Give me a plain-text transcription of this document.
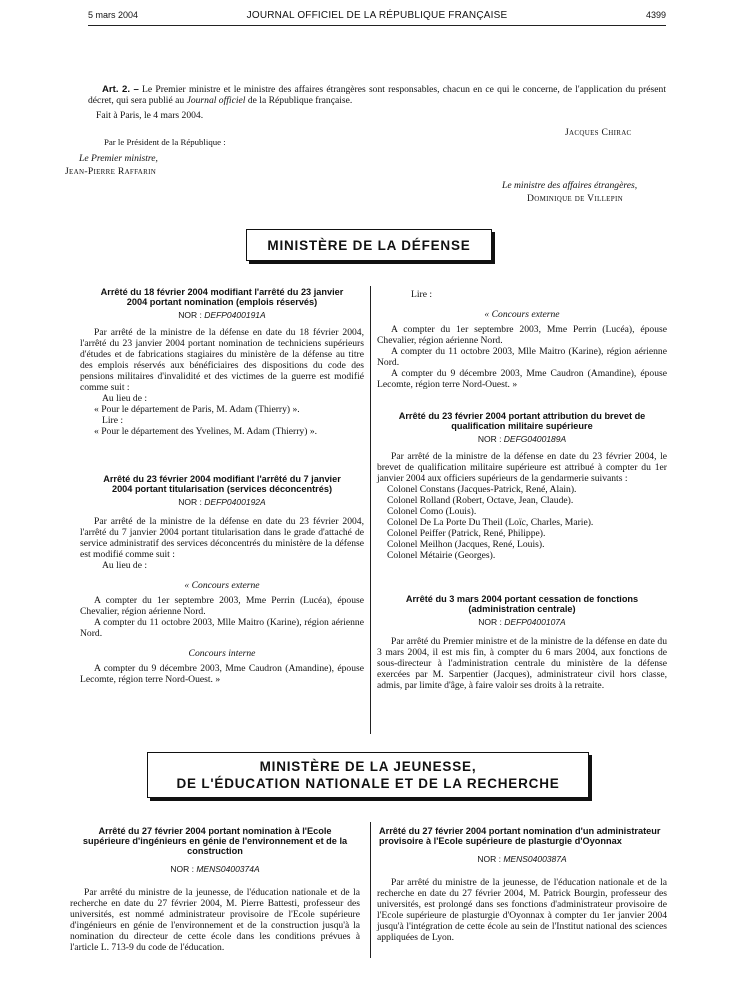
5 mars 2004	JOURNAL OFFICIEL DE LA RÉPUBLIQUE FRANÇAISE	4399

Art. 2. – Le Premier ministre et le ministre des affaires étrangères sont responsables, chacun en ce qui le concerne, de l'application du présent décret, qui sera publié au Journal officiel de la République française.

Fait à Paris, le 4 mars 2004.
Jacques Chirac
Par le Président de la République :
Le Premier ministre,
Jean-Pierre Raffarin
Le ministre des affaires étrangères,
Dominique de Villepin
MINISTÈRE DE LA DÉFENSE
Arrêté du 18 février 2004 modifiant l'arrêté du 23 janvier 2004 portant nomination (emplois réservés)
NOR : DEFP0400191A

Par arrêté de la ministre de la défense en date du 18 février 2004, l'arrêté du 23 janvier 2004 portant nomination de techniciens supérieurs d'études et de fabrications stagiaires du ministère de la défense au titre des emplois réservés aux bénéficiaires des dispositions du code des pensions militaires d'invalidité et des victimes de la guerre est modifié comme suit :

Au lieu de :

« Pour le département de Paris, M. Adam (Thierry) ».

Lire :

« Pour le département des Yvelines, M. Adam (Thierry) ».

Arrêté du 23 février 2004 modifiant l'arrêté du 7 janvier 2004 portant titularisation (services déconcentrés)
NOR : DEFP0400192A

Par arrêté de la ministre de la défense en date du 23 février 2004, l'arrêté du 7 janvier 2004 portant titularisation dans le grade d'attaché de service administratif des services déconcentrés du ministère de la défense est modifié comme suit :

Au lieu de :

« Concours externe

A compter du 1er septembre 2003, Mme Perrin (Lucéa), épouse Chevalier, région aérienne Nord.

A compter du 11 octobre 2003, Mlle Maitro (Karine), région aérienne Nord.

Concours interne

A compter du 9 décembre 2003, Mme Caudron (Amandine), épouse Lecomte, région terre Nord-Ouest. »

Lire :

« Concours externe

A compter du 1er septembre 2003, Mme Perrin (Lucéa), épouse Chevalier, région aérienne Nord.

A compter du 11 octobre 2003, Mlle Maitro (Karine), région aérienne Nord.

A compter du 9 décembre 2003, Mme Caudron (Amandine), épouse Lecomte, région terre Nord-Ouest. »

Arrêté du 23 février 2004 portant attribution du brevet de qualification militaire supérieure
NOR : DEFG0400189A

Par arrêté de la ministre de la défense en date du 23 février 2004, le brevet de qualification militaire supérieure est attribué à compter du 1er janvier 2004 aux officiers supérieurs de la gendarmerie suivants :

Colonel Constans (Jacques-Patrick, René, Alain).

Colonel Rolland (Robert, Octave, Jean, Claude).

Colonel Como (Louis).

Colonel De La Porte Du Theil (Loïc, Charles, Marie).

Colonel Peiffer (Patrick, René, Philippe).

Colonel Meilhon (Jacques, René, Louis).

Colonel Métairie (Georges).

Arrêté du 3 mars 2004 portant cessation de fonctions (administration centrale)
NOR : DEFP0400107A

Par arrêté du Premier ministre et de la ministre de la défense en date du 3 mars 2004, il est mis fin, à compter du 6 mars 2004, aux fonctions de sous-directeur à l'administration centrale du ministère de la défense exercées par M. Sarpentier (Jacques), administrateur civil hors classe, admis, par limite d'âge, à faire valoir ses droits à la retraite.

MINISTÈRE DE LA JEUNESSE,
DE L'ÉDUCATION NATIONALE ET DE LA RECHERCHE
Arrêté du 27 février 2004 portant nomination à l'Ecole supérieure d'ingénieurs en génie de l'environnement et de la construction
NOR : MENS0400374A

Par arrêté du ministre de la jeunesse, de l'éducation nationale et de la recherche en date du 27 février 2004, M. Pierre Battesti, professeur des universités, est nommé administrateur provisoire de l'Ecole supérieure d'ingénieurs en génie de l'environnement et de la construction jusqu'à la nomination du directeur de cette école dans les conditions prévues à l'article L. 713-9 du code de l'éducation.

Arrêté du 27 février 2004 portant nomination d'un administrateur provisoire à l'Ecole supérieure de plasturgie d'Oyonnax
NOR : MENS0400387A

Par arrêté du ministre de la jeunesse, de l'éducation nationale et de la recherche en date du 27 février 2004, M. Patrick Bourgin, professeur des universités, est prolongé dans ses fonctions d'administrateur provisoire de l'Ecole supérieure de plasturgie d'Oyonnax à compter du 1er janvier 2004 jusqu'à l'intégration de cette école au sein de l'Institut national des sciences appliquées de Lyon.
